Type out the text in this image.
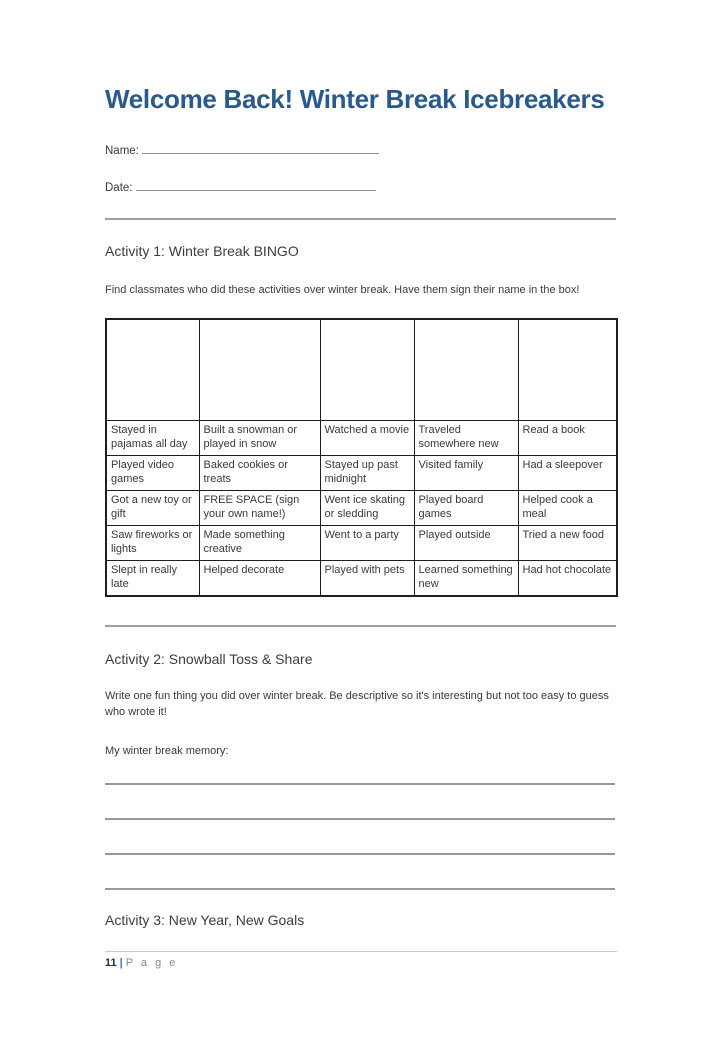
Welcome Back! Winter Break Icebreakers
Name:
Date:
Activity 1: Winter Break BINGO

Find classmates who did these activities over winter break. Have them sign their name in the box!

Stayed in pajamas all day	Built a snowman or played in snow	Watched a movie	Traveled somewhere new	Read a book
Played video games	Baked cookies or treats	Stayed up past midnight	Visited family	Had a sleepover
Got a new toy or gift	FREE SPACE (sign your own name!)	Went ice skating or sledding	Played board games	Helped cook a meal
Saw fireworks or lights	Made something creative	Went to a party	Played outside	Tried a new food
Slept in really late	Helped decorate	Played with pets	Learned something new	Had hot chocolate
Activity 2: Snowball Toss & Share

Write one fun thing you did over winter break. Be descriptive so it's interesting but not too easy to guess who wrote it!

My winter break memory:

Activity 3: New Year, New Goals
11 | P a g e
